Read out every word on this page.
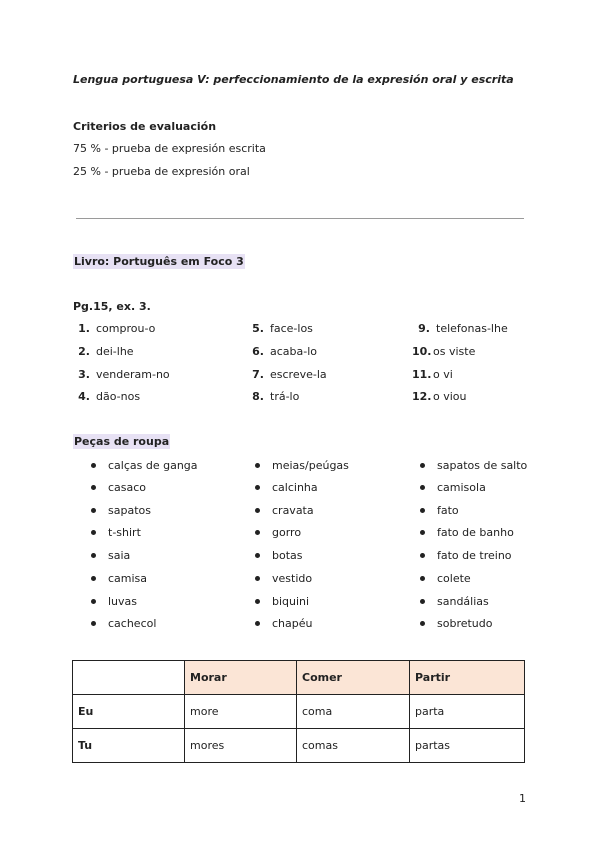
Lengua portuguesa V: perfeccionamiento de la expresión oral y escrita
Criterios de evaluación
75 % - prueba de expresión escrita
25 % - prueba de expresión oral
Livro: Português em Foco 3
Pg.15, ex. 3.
1. comprou-o
2. dei-lhe
3. venderam-no
4. dão-nos
5. face-los
6. acaba-lo
7. escreve-la
8. trá-lo
9. telefonas-lhe
10. os viste
11. o vi
12. o viou
Peças de roupa
calças de ganga
casaco
sapatos
t-shirt
saia
camisa
luvas
cachecol
meias/peúgas
calcinha
cravata
gorro
botas
vestido
biquini
chapéu
sapatos de salto
camisola
fato
fato de banho
fato de treino
colete
sandálias
sobretudo
	Morar	Comer	Partir
Eu	more	coma	parta
Tu	mores	comas	partas
1
